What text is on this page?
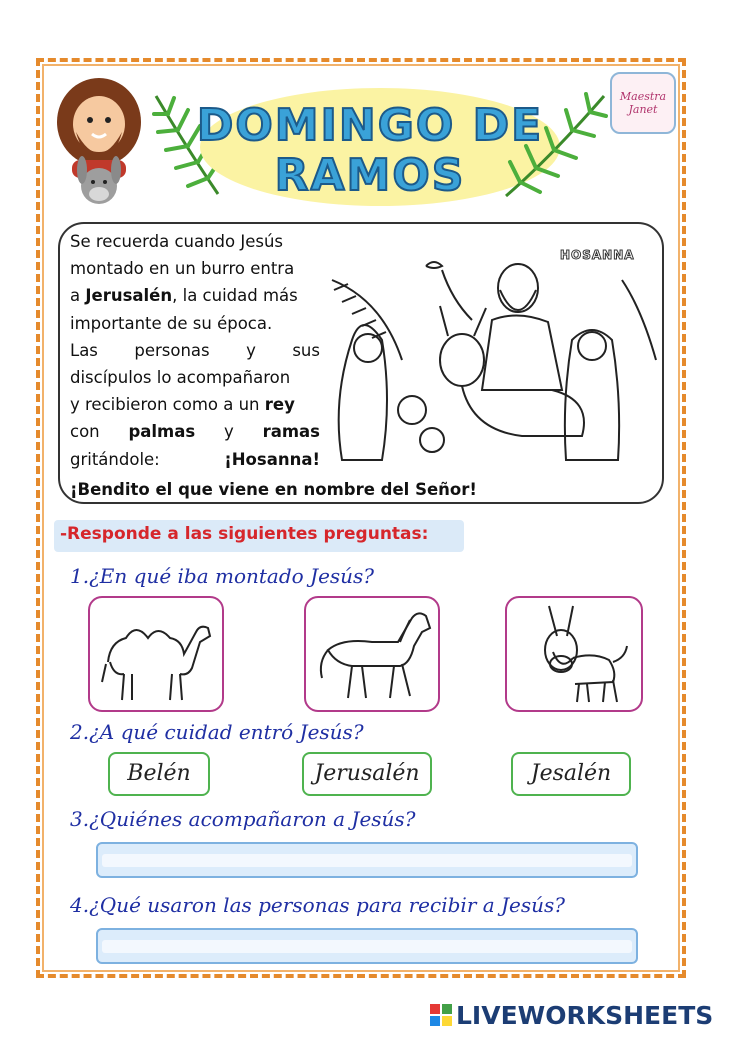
DOMINGO DE
RAMOS
Maestra
Janet

Se recuerda cuando Jesús

montado en un burro entra

a Jerusalén, la cuidad más

importante de su época.

Las personas y sus

discípulos lo acompañaron

y recibieron como a un rey

con palmas y ramas

gritándole: ¡Hosanna!

¡Bendito el que viene en nombre del Señor!
HOSANNA
-Responde a las siguientes preguntas:
1.¿En qué iba montado Jesús?
2.¿A qué cuidad entró Jesús?
Belén	Jerusalén	Jesalén
3.¿Quiénes acompañaron a Jesús?
4.¿Qué usaron las personas para recibir a Jesús?
LIVEWORKSHEETS
